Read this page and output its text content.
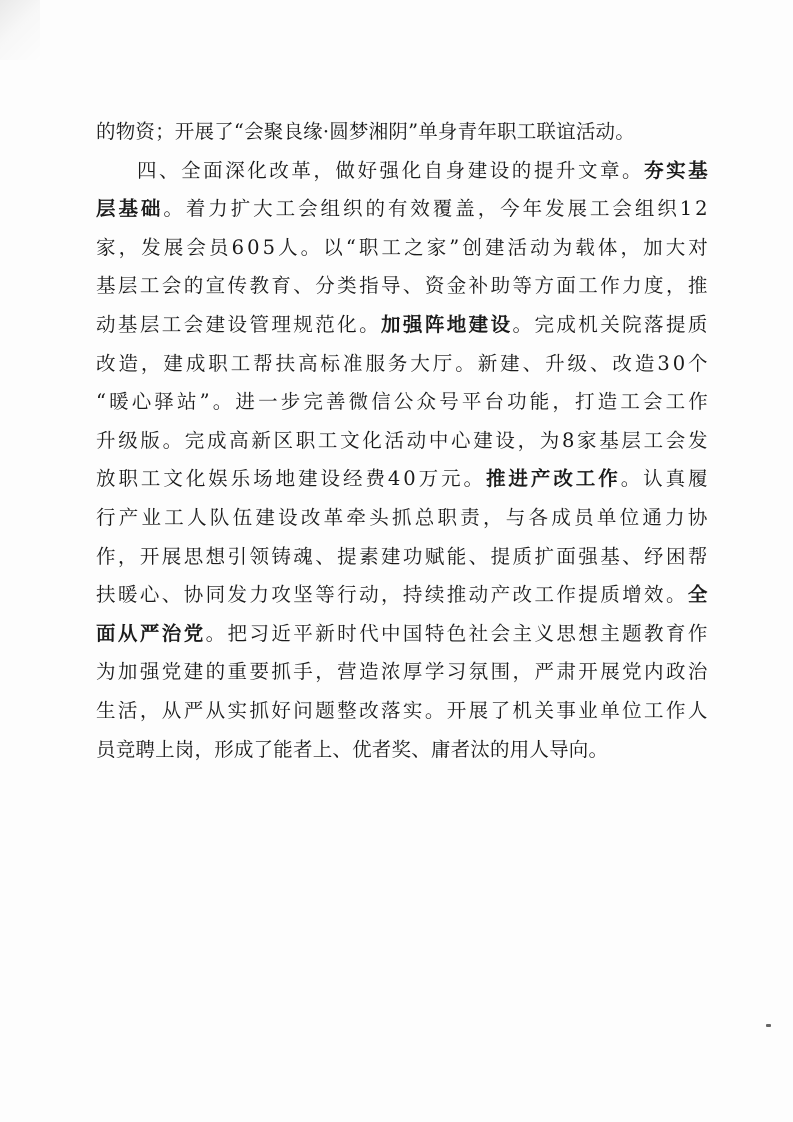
的物资；开展了“会聚良缘·圆梦湘阴”单身青年职工联谊活动。
四 、 全 面 深 化 改 革 ， 做 好 强 化 自 身 建 设 的 提 升 文 章 。 夯 实 基
层 基 础 。 着 力 扩 大 工 会 组 织 的 有 效 覆 盖 ， 今 年 发 展 工 会 组 织 1 2
家 ， 发 展 会 员 6 0 5 人 。 以 “ 职 工 之 家 ” 创 建 活 动 为 载 体 ， 加 大 对
基 层 工 会 的 宣 传 教 育 、 分 类 指 导 、 资 金 补 助 等 方 面 工 作 力 度 ， 推
动 基 层 工 会 建 设 管 理 规 范 化 。 加 强 阵 地 建 设 。 完 成 机 关 院 落 提 质
改 造 ， 建 成 职 工 帮 扶 高 标 准 服 务 大 厅 。 新 建 、 升 级 、 改 造 3 0 个
“ 暖 心 驿 站 ” 。 进 一 步 完 善 微 信 公 众 号 平 台 功 能 ， 打 造 工 会 工 作
升 级 版 。 完 成 高 新 区 职 工 文 化 活 动 中 心 建 设 ， 为 8 家 基 层 工 会 发
放 职 工 文 化 娱 乐 场 地 建 设 经 费 4 0 万 元 。 推 进 产 改 工 作 。 认 真 履
行 产 业 工 人 队 伍 建 设 改 革 牵 头 抓 总 职 责 ， 与 各 成 员 单 位 通 力 协
作 ， 开 展 思 想 引 领 铸 魂 、 提 素 建 功 赋 能 、 提 质 扩 面 强 基 、 纾 困 帮
扶 暖 心 、 协 同 发 力 攻 坚 等 行 动 ， 持 续 推 动 产 改 工 作 提 质 增 效 。 全
面 从 严 治 党 。 把 习 近 平 新 时 代 中 国 特 色 社 会 主 义 思 想 主 题 教 育 作
为 加 强 党 建 的 重 要 抓 手 ， 营 造 浓 厚 学 习 氛 围 ， 严 肃 开 展 党 内 政 治
生 活 ， 从 严 从 实 抓 好 问 题 整 改 落 实 。 开 展 了 机 关 事 业 单 位 工 作 人
员竞聘上岗，形成了能者上、优者奖、庸者汰的用人导向。
